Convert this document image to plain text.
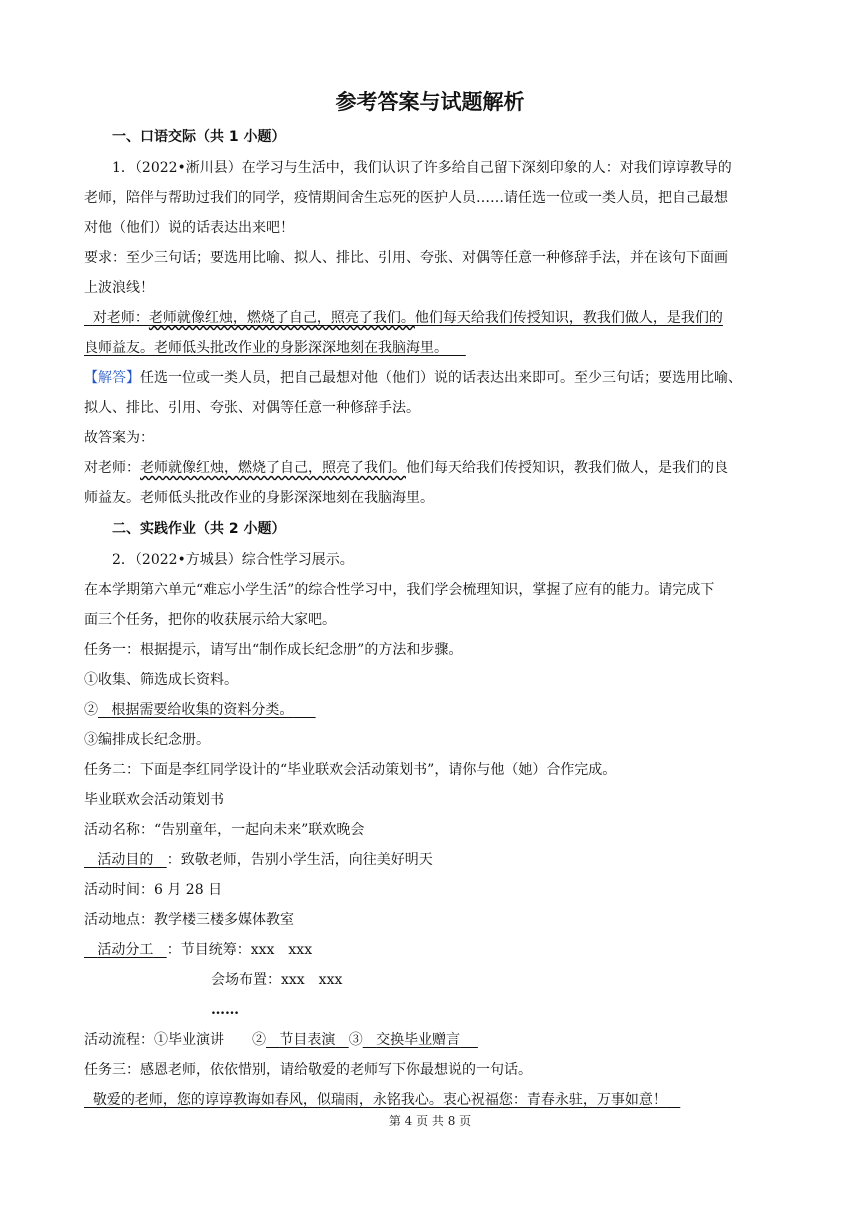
参考答案与试题解析
一、口语交际（共 1 小题）
1．（2022•淅川县）在学习与生活中，我们认识了许多给自己留下深刻印象的人：对我们谆谆教导的
老师，陪伴与帮助过我们的同学，疫情期间舍生忘死的医护人员……请任选一位或一类人员，把自己最想
对他（他们）说的话表达出来吧！
要求：至少三句话；要选用比喻、拟人、排比、引用、夸张、对偶等任意一种修辞手法，并在该句下面画
上波浪线！
对老师：老师就像红烛，燃烧了自己，照亮了我们。他们每天给我们传授知识，教我们做人，是我们的
良师益友。老师低头批改作业的身影深深地刻在我脑海里。
【解答】任选一位或一类人员，把自己最想对他（他们）说的话表达出来即可。至少三句话；要选用比喻、
拟人、排比、引用、夸张、对偶等任意一种修辞手法。
故答案为：
对老师：老师就像红烛，燃烧了自己，照亮了我们。他们每天给我们传授知识，教我们做人，是我们的良
师益友。老师低头批改作业的身影深深地刻在我脑海里。
二、实践作业（共 2 小题）
2．（2022•方城县）综合性学习展示。
在本学期第六单元“难忘小学生活”的综合性学习中，我们学会梳理知识，掌握了应有的能力。请完成下
面三个任务，把你的收获展示给大家吧。
任务一：根据提示，请写出“制作成长纪念册”的方法和步骤。
①收集、筛选成长资料。
② 根据需要给收集的资料分类。
③编排成长纪念册。
任务二：下面是李红同学设计的“毕业联欢会活动策划书”，请你与他（她）合作完成。
毕业联欢会活动策划书
活动名称：“告别童年，一起向未来”联欢晚会
活动目的 ：致敬老师，告别小学生活，向往美好明天
活动时间：6 月 28 日
活动地点：教学楼三楼多媒体教室
活动分工 ：节目统筹：xxx　xxx
会场布置：xxx　xxx
……
活动流程：①毕业演讲　　② 节目表演 ③ 交换毕业赠言
任务三：感恩老师，依依惜别，请给敬爱的老师写下你最想说的一句话。
敬爱的老师，您的谆谆教诲如春风，似瑞雨，永铭我心。衷心祝福您：青春永驻，万事如意！
第 4 页 共 8 页
